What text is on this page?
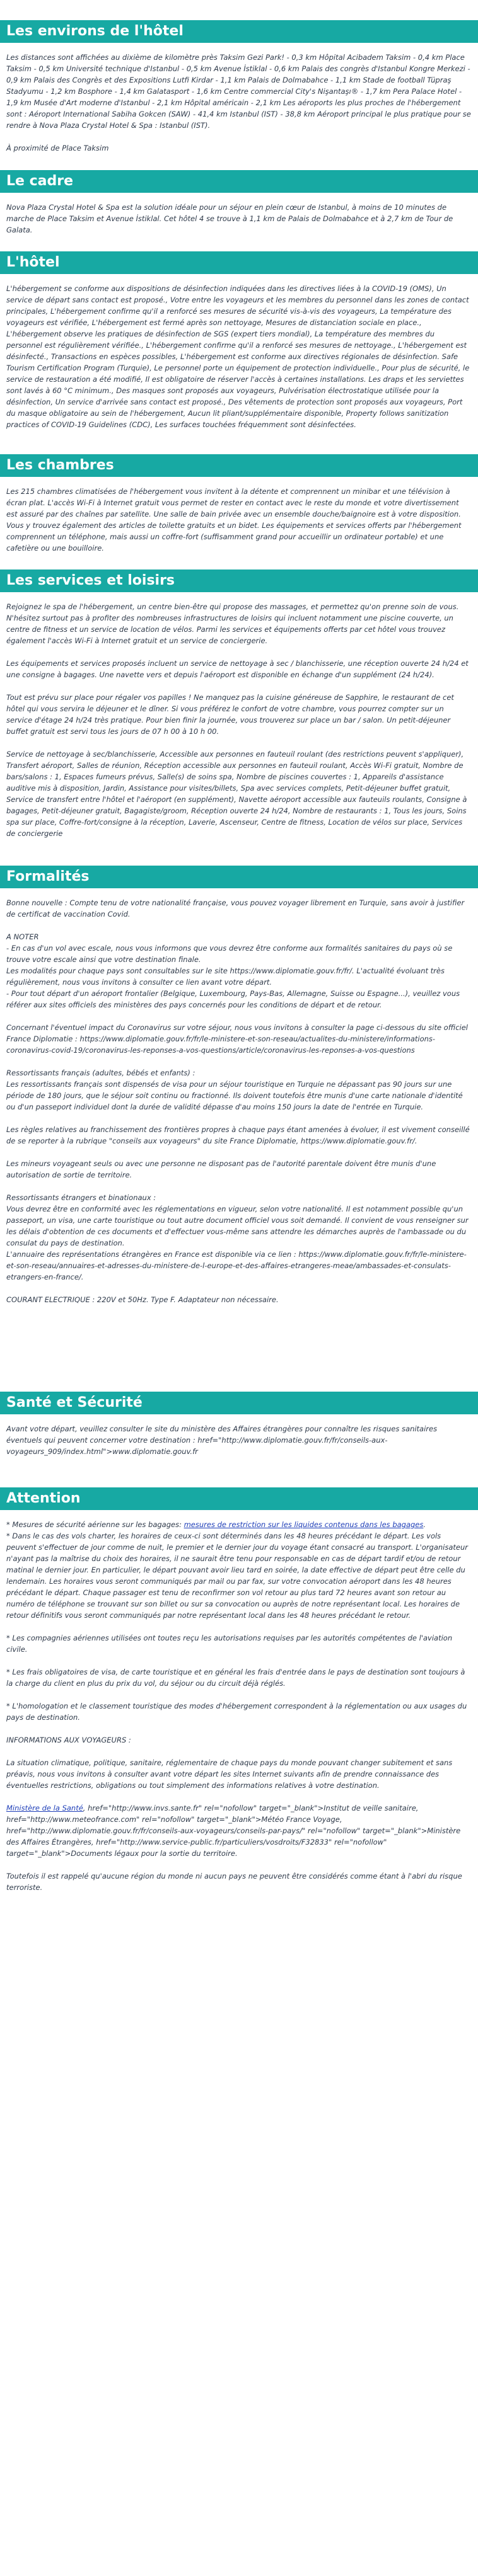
Les environs de l'hôtel

Les distances sont affichées au dixième de kilomètre près Taksim Gezi Park! - 0,3 km Hôpital Acibadem Taksim - 0,4 km Place Taksim - 0,5 km Université technique d'Istanbul - 0,5 km Avenue İstiklal - 0,6 km Palais des congrès d'Istanbul Kongre Merkezi - 0,9 km Palais des Congrès et des Expositions Lutfi Kirdar - 1,1 km Palais de Dolmabahce - 1,1 km Stade de football Tüpraş Stadyumu - 1,2 km Bosphore - 1,4 km Galatasport - 1,6 km Centre commercial City's Nişantaşı® - 1,7 km Pera Palace Hotel - 1,9 km Musée d'Art moderne d'Istanbul - 2,1 km Hôpital américain - 2,1 km Les aéroports les plus proches de l'hébergement sont : Aéroport International Sabiha Gokcen (SAW) - 41,4 km Istanbul (IST) - 38,8 km Aéroport principal le plus pratique pour se rendre à Nova Plaza Crystal Hotel & Spa : Istanbul (IST).

À proximité de Place Taksim

Le cadre

Nova Plaza Crystal Hotel & Spa est la solution idéale pour un séjour en plein cœur de Istanbul, à moins de 10 minutes de marche de Place Taksim et Avenue İstiklal. Cet hôtel 4 se trouve à 1,1 km de Palais de Dolmabahce et à 2,7 km de Tour de Galata.

L'hôtel

L'hébergement se conforme aux dispositions de désinfection indiquées dans les directives liées à la COVID-19 (OMS), Un service de départ sans contact est proposé., Votre entre les voyageurs et les membres du personnel dans les zones de contact principales, L'hébergement confirme qu'il a renforcé ses mesures de sécurité vis-à-vis des voyageurs, La température des voyageurs est vérifiée, L'hébergement est fermé après son nettoyage, Mesures de distanciation sociale en place., L'hébergement observe les pratiques de désinfection de SGS (expert tiers mondial), La température des membres du personnel est régulièrement vérifiée., L'hébergement confirme qu'il a renforcé ses mesures de nettoyage., L'hébergement est désinfecté., Transactions en espèces possibles, L'hébergement est conforme aux directives régionales de désinfection. Safe Tourism Certification Program (Turquie), Le personnel porte un équipement de protection individuelle., Pour plus de sécurité, le service de restauration a été modifié, Il est obligatoire de réserver l'accès à certaines installations. Les draps et les serviettes sont lavés à 60 °C minimum., Des masques sont proposés aux voyageurs, Pulvérisation électrostatique utilisée pour la désinfection, Un service d'arrivée sans contact est proposé., Des vêtements de protection sont proposés aux voyageurs, Port du masque obligatoire au sein de l'hébergement, Aucun lit pliant/supplémentaire disponible, Property follows sanitization practices of COVID-19 Guidelines (CDC), Les surfaces touchées fréquemment sont désinfectées.

Les chambres

Les 215 chambres climatisées de l'hébergement vous invitent à la détente et comprennent un minibar et une télévision à écran plat. L'accès Wi-Fi à Internet gratuit vous permet de rester en contact avec le reste du monde et votre divertissement est assuré par des chaînes par satellite. Une salle de bain privée avec un ensemble douche/baignoire est à votre disposition. Vous y trouvez également des articles de toilette gratuits et un bidet. Les équipements et services offerts par l'hébergement comprennent un téléphone, mais aussi un coffre-fort (suffisamment grand pour accueillir un ordinateur portable) et une cafetière ou une bouilloire.

Les services et loisirs

Rejoignez le spa de l'hébergement, un centre bien-être qui propose des massages, et permettez qu'on prenne soin de vous. N'hésitez surtout pas à profiter des nombreuses infrastructures de loisirs qui incluent notamment une piscine couverte, un centre de fitness et un service de location de vélos. Parmi les services et équipements offerts par cet hôtel vous trouvez également l'accès Wi-Fi à Internet gratuit et un service de conciergerie.

Les équipements et services proposés incluent un service de nettoyage à sec / blanchisserie, une réception ouverte 24 h/24 et une consigne à bagages. Une navette vers et depuis l'aéroport est disponible en échange d'un supplément (24 h/24).

Tout est prévu sur place pour régaler vos papilles ! Ne manquez pas la cuisine généreuse de Sapphire, le restaurant de cet hôtel qui vous servira le déjeuner et le dîner. Si vous préférez le confort de votre chambre, vous pourrez compter sur un service d'étage 24 h/24 très pratique. Pour bien finir la journée, vous trouverez sur place un bar / salon. Un petit-déjeuner buffet gratuit est servi tous les jours de 07 h 00 à 10 h 00.

Service de nettoyage à sec/blanchisserie, Accessible aux personnes en fauteuil roulant (des restrictions peuvent s'appliquer), Transfert aéroport, Salles de réunion, Réception accessible aux personnes en fauteuil roulant, Accès Wi-Fi gratuit, Nombre de bars/salons : 1, Espaces fumeurs prévus, Salle(s) de soins spa, Nombre de piscines couvertes : 1, Appareils d'assistance auditive mis à disposition, Jardin, Assistance pour visites/billets, Spa avec services complets, Petit-déjeuner buffet gratuit, Service de transfert entre l'hôtel et l'aéroport (en supplément), Navette aéroport accessible aux fauteuils roulants, Consigne à bagages, Petit-déjeuner gratuit, Bagagiste/groom, Réception ouverte 24 h/24, Nombre de restaurants : 1, Tous les jours, Soins spa sur place, Coffre-fort/consigne à la réception, Laverie, Ascenseur, Centre de fitness, Location de vélos sur place, Services de conciergerie

Formalités

Bonne nouvelle : Compte tenu de votre nationalité française, vous pouvez voyager librement en Turquie, sans avoir à justifier de certificat de vaccination Covid.

A NOTER
- En cas d'un vol avec escale, nous vous informons que vous devrez être conforme aux formalités sanitaires du pays où se trouve votre escale ainsi que votre destination finale.
Les modalités pour chaque pays sont consultables sur le site https://www.diplomatie.gouv.fr/fr/. L'actualité évoluant très régulièrement, nous vous invitons à consulter ce lien avant votre départ.
- Pour tout départ d'un aéroport frontalier (Belgique, Luxembourg, Pays-Bas, Allemagne, Suisse ou Espagne...), veuillez vous référer aux sites officiels des ministères des pays concernés pour les conditions de départ et de retour.

Concernant l'éventuel impact du Coronavirus sur votre séjour, nous vous invitons à consulter la page ci-dessous du site officiel France Diplomatie : https://www.diplomatie.gouv.fr/fr/le-ministere-et-son-reseau/actualites-du-ministere/informations-coronavirus-covid-19/coronavirus-les-reponses-a-vos-questions/article/coronavirus-les-reponses-a-vos-questions

Ressortissants français (adultes, bébés et enfants) :
Les ressortissants français sont dispensés de visa pour un séjour touristique en Turquie ne dépassant pas 90 jours sur une période de 180 jours, que le séjour soit continu ou fractionné. Ils doivent toutefois être munis d'une carte nationale d'identité ou d'un passeport individuel dont la durée de validité dépasse d'au moins 150 jours la date de l'entrée en Turquie.

Les règles relatives au franchissement des frontières propres à chaque pays étant amenées à évoluer, il est vivement conseillé de se reporter à la rubrique "conseils aux voyageurs" du site France Diplomatie, https://www.diplomatie.gouv.fr/.

Les mineurs voyageant seuls ou avec une personne ne disposant pas de l'autorité parentale doivent être munis d'une autorisation de sortie de territoire.

Ressortissants étrangers et binationaux :
Vous devrez être en conformité avec les réglementations en vigueur, selon votre nationalité. Il est notamment possible qu'un passeport, un visa, une carte touristique ou tout autre document officiel vous soit demandé. Il convient de vous renseigner sur les délais d'obtention de ces documents et d'effectuer vous-même sans attendre les démarches auprès de l'ambassade ou du consulat du pays de destination.
L'annuaire des représentations étrangères en France est disponible via ce lien : https://www.diplomatie.gouv.fr/fr/le-ministere-et-son-reseau/annuaires-et-adresses-du-ministere-de-l-europe-et-des-affaires-etrangeres-meae/ambassades-et-consulats-etrangers-en-france/.

COURANT ELECTRIQUE : 220V et 50Hz. Type F. Adaptateur non nécessaire.

Santé et Sécurité

Avant votre départ, veuillez consulter le site du ministère des Affaires étrangères pour connaître les risques sanitaires éventuels qui peuvent concerner votre destination : href="http://www.diplomatie.gouv.fr/fr/conseils-aux-voyageurs_909/index.html">www.diplomatie.gouv.fr

Attention

* Mesures de sécurité aérienne sur les bagages: mesures de restriction sur les liquides contenus dans les bagages.
* Dans le cas des vols charter, les horaires de ceux-ci sont déterminés dans les 48 heures précédant le départ. Les vols peuvent s'effectuer de jour comme de nuit, le premier et le dernier jour du voyage étant consacré au transport. L'organisateur n'ayant pas la maîtrise du choix des horaires, il ne saurait être tenu pour responsable en cas de départ tardif et/ou de retour matinal le dernier jour. En particulier, le départ pouvant avoir lieu tard en soirée, la date effective de départ peut être celle du lendemain. Les horaires vous seront communiqués par mail ou par fax, sur votre convocation aéroport dans les 48 heures précédant le départ. Chaque passager est tenu de reconfirmer son vol retour au plus tard 72 heures avant son retour au numéro de téléphone se trouvant sur son billet ou sur sa convocation ou auprès de notre représentant local. Les horaires de retour définitifs vous seront communiqués par notre représentant local dans les 48 heures précédant le retour.

* Les compagnies aériennes utilisées ont toutes reçu les autorisations requises par les autorités compétentes de l'aviation civile.

* Les frais obligatoires de visa, de carte touristique et en général les frais d'entrée dans le pays de destination sont toujours à la charge du client en plus du prix du vol, du séjour ou du circuit déjà réglés.

* L'homologation et le classement touristique des modes d'hébergement correspondent à la réglementation ou aux usages du pays de destination.

INFORMATIONS AUX VOYAGEURS :

La situation climatique, politique, sanitaire, réglementaire de chaque pays du monde pouvant changer subitement et sans préavis, nous vous invitons à consulter avant votre départ les sites Internet suivants afin de prendre connaissance des éventuelles restrictions, obligations ou tout simplement des informations relatives à votre destination.

Ministère de la Santé, href="http://www.invs.sante.fr" rel="nofollow" target="_blank">Institut de veille sanitaire, href="http://www.meteofrance.com" rel="nofollow" target="_blank">Météo France Voyage, href="http://www.diplomatie.gouv.fr/fr/conseils-aux-voyageurs/conseils-par-pays/" rel="nofollow" target="_blank">Ministère des Affaires Étrangères, href="http://www.service-public.fr/particuliers/vosdroits/F32833" rel="nofollow" target="_blank">Documents légaux pour la sortie du territoire.

Toutefois il est rappelé qu'aucune région du monde ni aucun pays ne peuvent être considérés comme étant à l'abri du risque terroriste.
